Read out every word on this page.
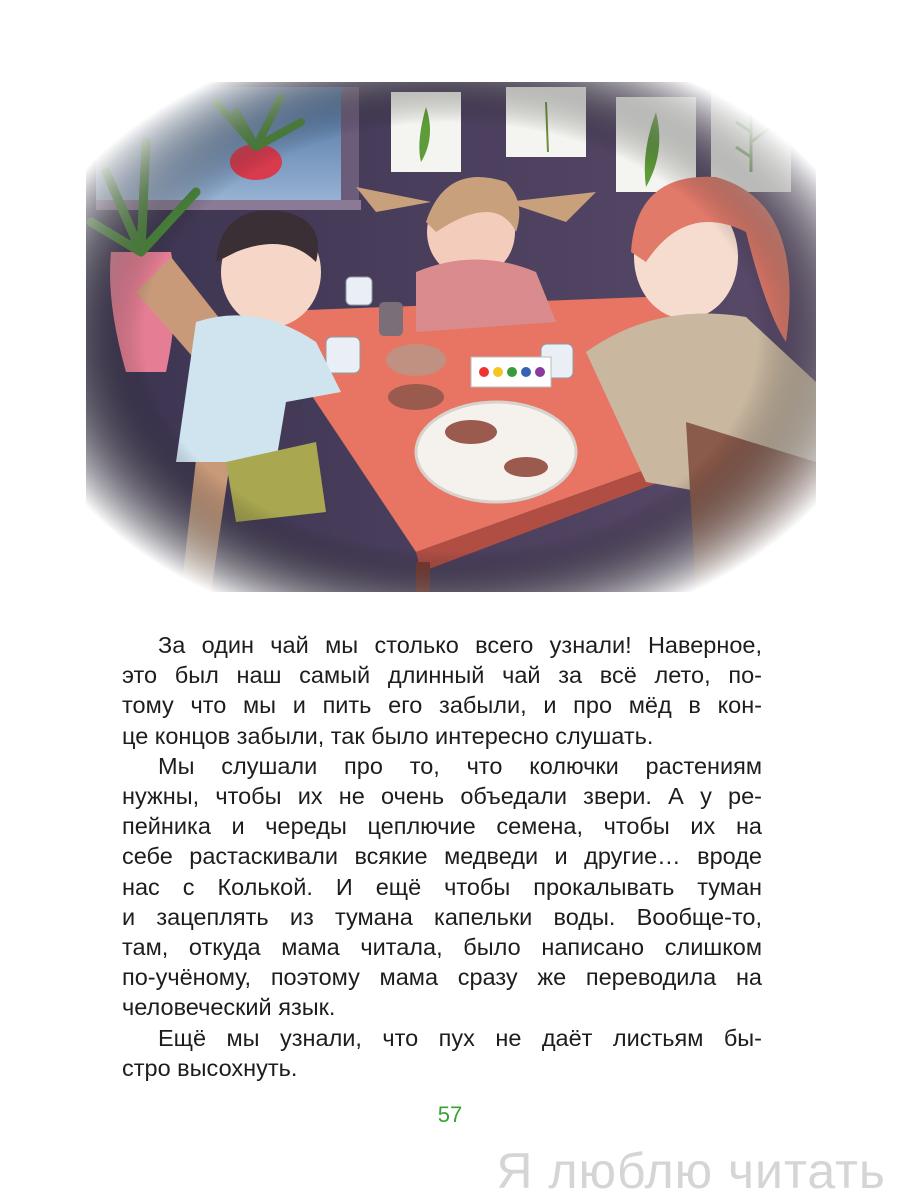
За один чай мы столько всего узнали! Наверное,
это был наш самый длинный чай за всё лето, по-
тому что мы и пить его забыли, и про мёд в кон-
це концов забыли, так было интересно слушать.

Мы слушали про то, что колючки растениям
нужны, чтобы их не очень объедали звери. А у ре-
пейника и череды цеплючие семена, чтобы их на
себе растаскивали всякие медведи и другие… вроде
нас с Колькой. И ещё чтобы прокалывать туман
и зацеплять из тумана капельки воды. Вообще-то,
там, откуда мама читала, было написано слишком
по-учёному, поэтому мама сразу же переводила на
человеческий язык.

Ещё мы узнали, что пух не даёт листьям бы-
стро высохнуть.

57
Я люблю читать
